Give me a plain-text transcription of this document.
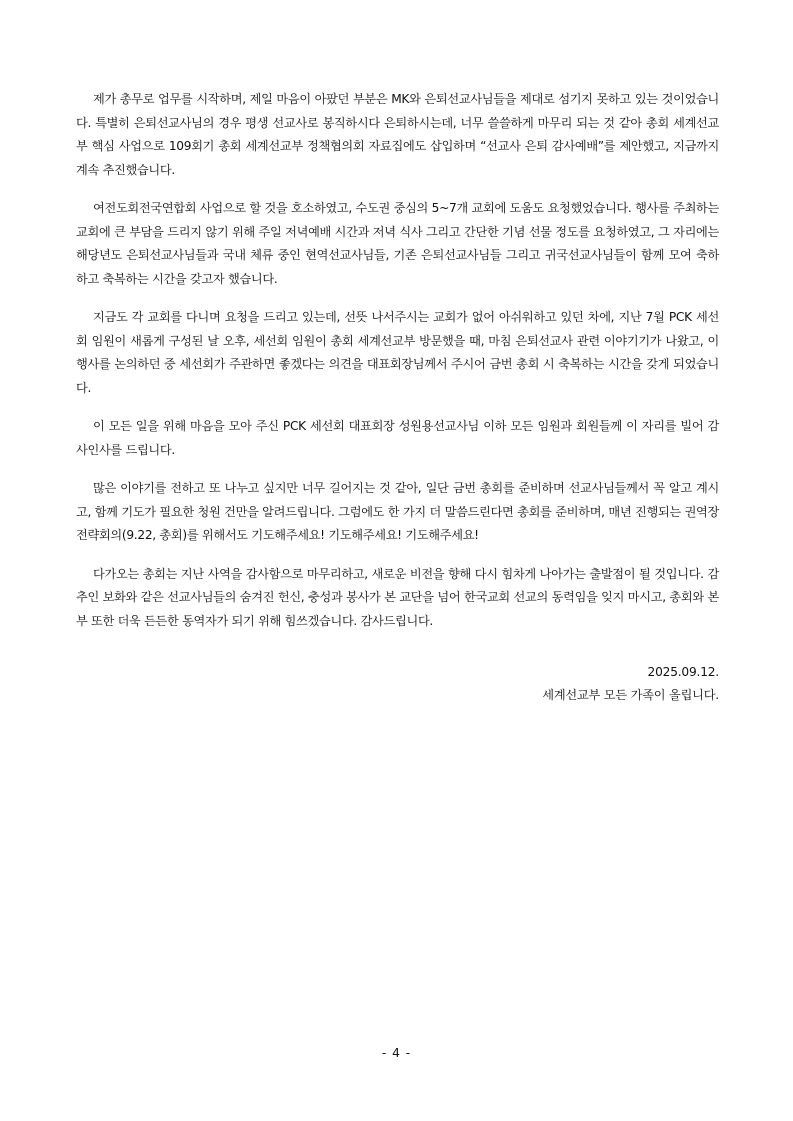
제가 총무로 업무를 시작하며, 제일 마음이 아팠던 부분은 MK와 은퇴선교사님들을 제대로 섬기지 못하고 있는 것이었습니다. 특별히 은퇴선교사님의 경우 평생 선교사로 봉직하시다 은퇴하시는데, 너무 쓸쓸하게 마무리 되는 것 같아 총회 세계선교부 핵심 사업으로 109회기 총회 세계선교부 정책협의회 자료집에도 삽입하며 “선교사 은퇴 감사예배”를 제안했고, 지금까지 계속 추진했습니다.

여전도회전국연합회 사업으로 할 것을 호소하였고, 수도권 중심의 5~7개 교회에 도움도 요청했었습니다. 행사를 주최하는 교회에 큰 부담을 드리지 않기 위해 주일 저녁예배 시간과 저녁 식사 그리고 간단한 기념 선물 정도를 요청하였고, 그 자리에는 해당년도 은퇴선교사님들과 국내 체류 중인 현역선교사님들, 기존 은퇴선교사님들 그리고 귀국선교사님들이 함께 모여 축하하고 축복하는 시간을 갖고자 했습니다.

지금도 각 교회를 다니며 요청을 드리고 있는데, 선뜻 나서주시는 교회가 없어 아쉬워하고 있던 차에, 지난 7월 PCK 세선회 임원이 새롭게 구성된 날 오후, 세선회 임원이 총회 세계선교부 방문했을 때, 마침 은퇴선교사 관련 이야기기가 나왔고, 이 행사를 논의하던 중 세선회가 주관하면 좋겠다는 의견을 대표회장님께서 주시어 금번 총회 시 축복하는 시간을 갖게 되었습니다.

이 모든 일을 위해 마음을 모아 주신 PCK 세선회 대표회장 성원용선교사님 이하 모든 임원과 회원들께 이 자리를 빌어 감사인사를 드립니다.

많은 이야기를 전하고 또 나누고 싶지만 너무 길어지는 것 같아, 일단 금번 총회를 준비하며 선교사님들께서 꼭 알고 계시고, 함께 기도가 필요한 청원 건만을 알려드립니다. 그럼에도 한 가지 더 말씀드린다면 총회를 준비하며, 매년 진행되는 권역장 전략회의(9.22, 총회)를 위해서도 기도해주세요! 기도해주세요! 기도해주세요!

다가오는 총회는 지난 사역을 감사함으로 마무리하고, 새로운 비전을 향해 다시 힘차게 나아가는 출발점이 될 것입니다. 감추인 보화와 같은 선교사님들의 숨겨진 헌신, 충성과 봉사가 본 교단을 넘어 한국교회 선교의 동력임을 잊지 마시고, 총회와 본부 또한 더욱 든든한 동역자가 되기 위해 힘쓰겠습니다. 감사드립니다.

2025.09.12.
세계선교부 모든 가족이 올립니다.
- 4 -
